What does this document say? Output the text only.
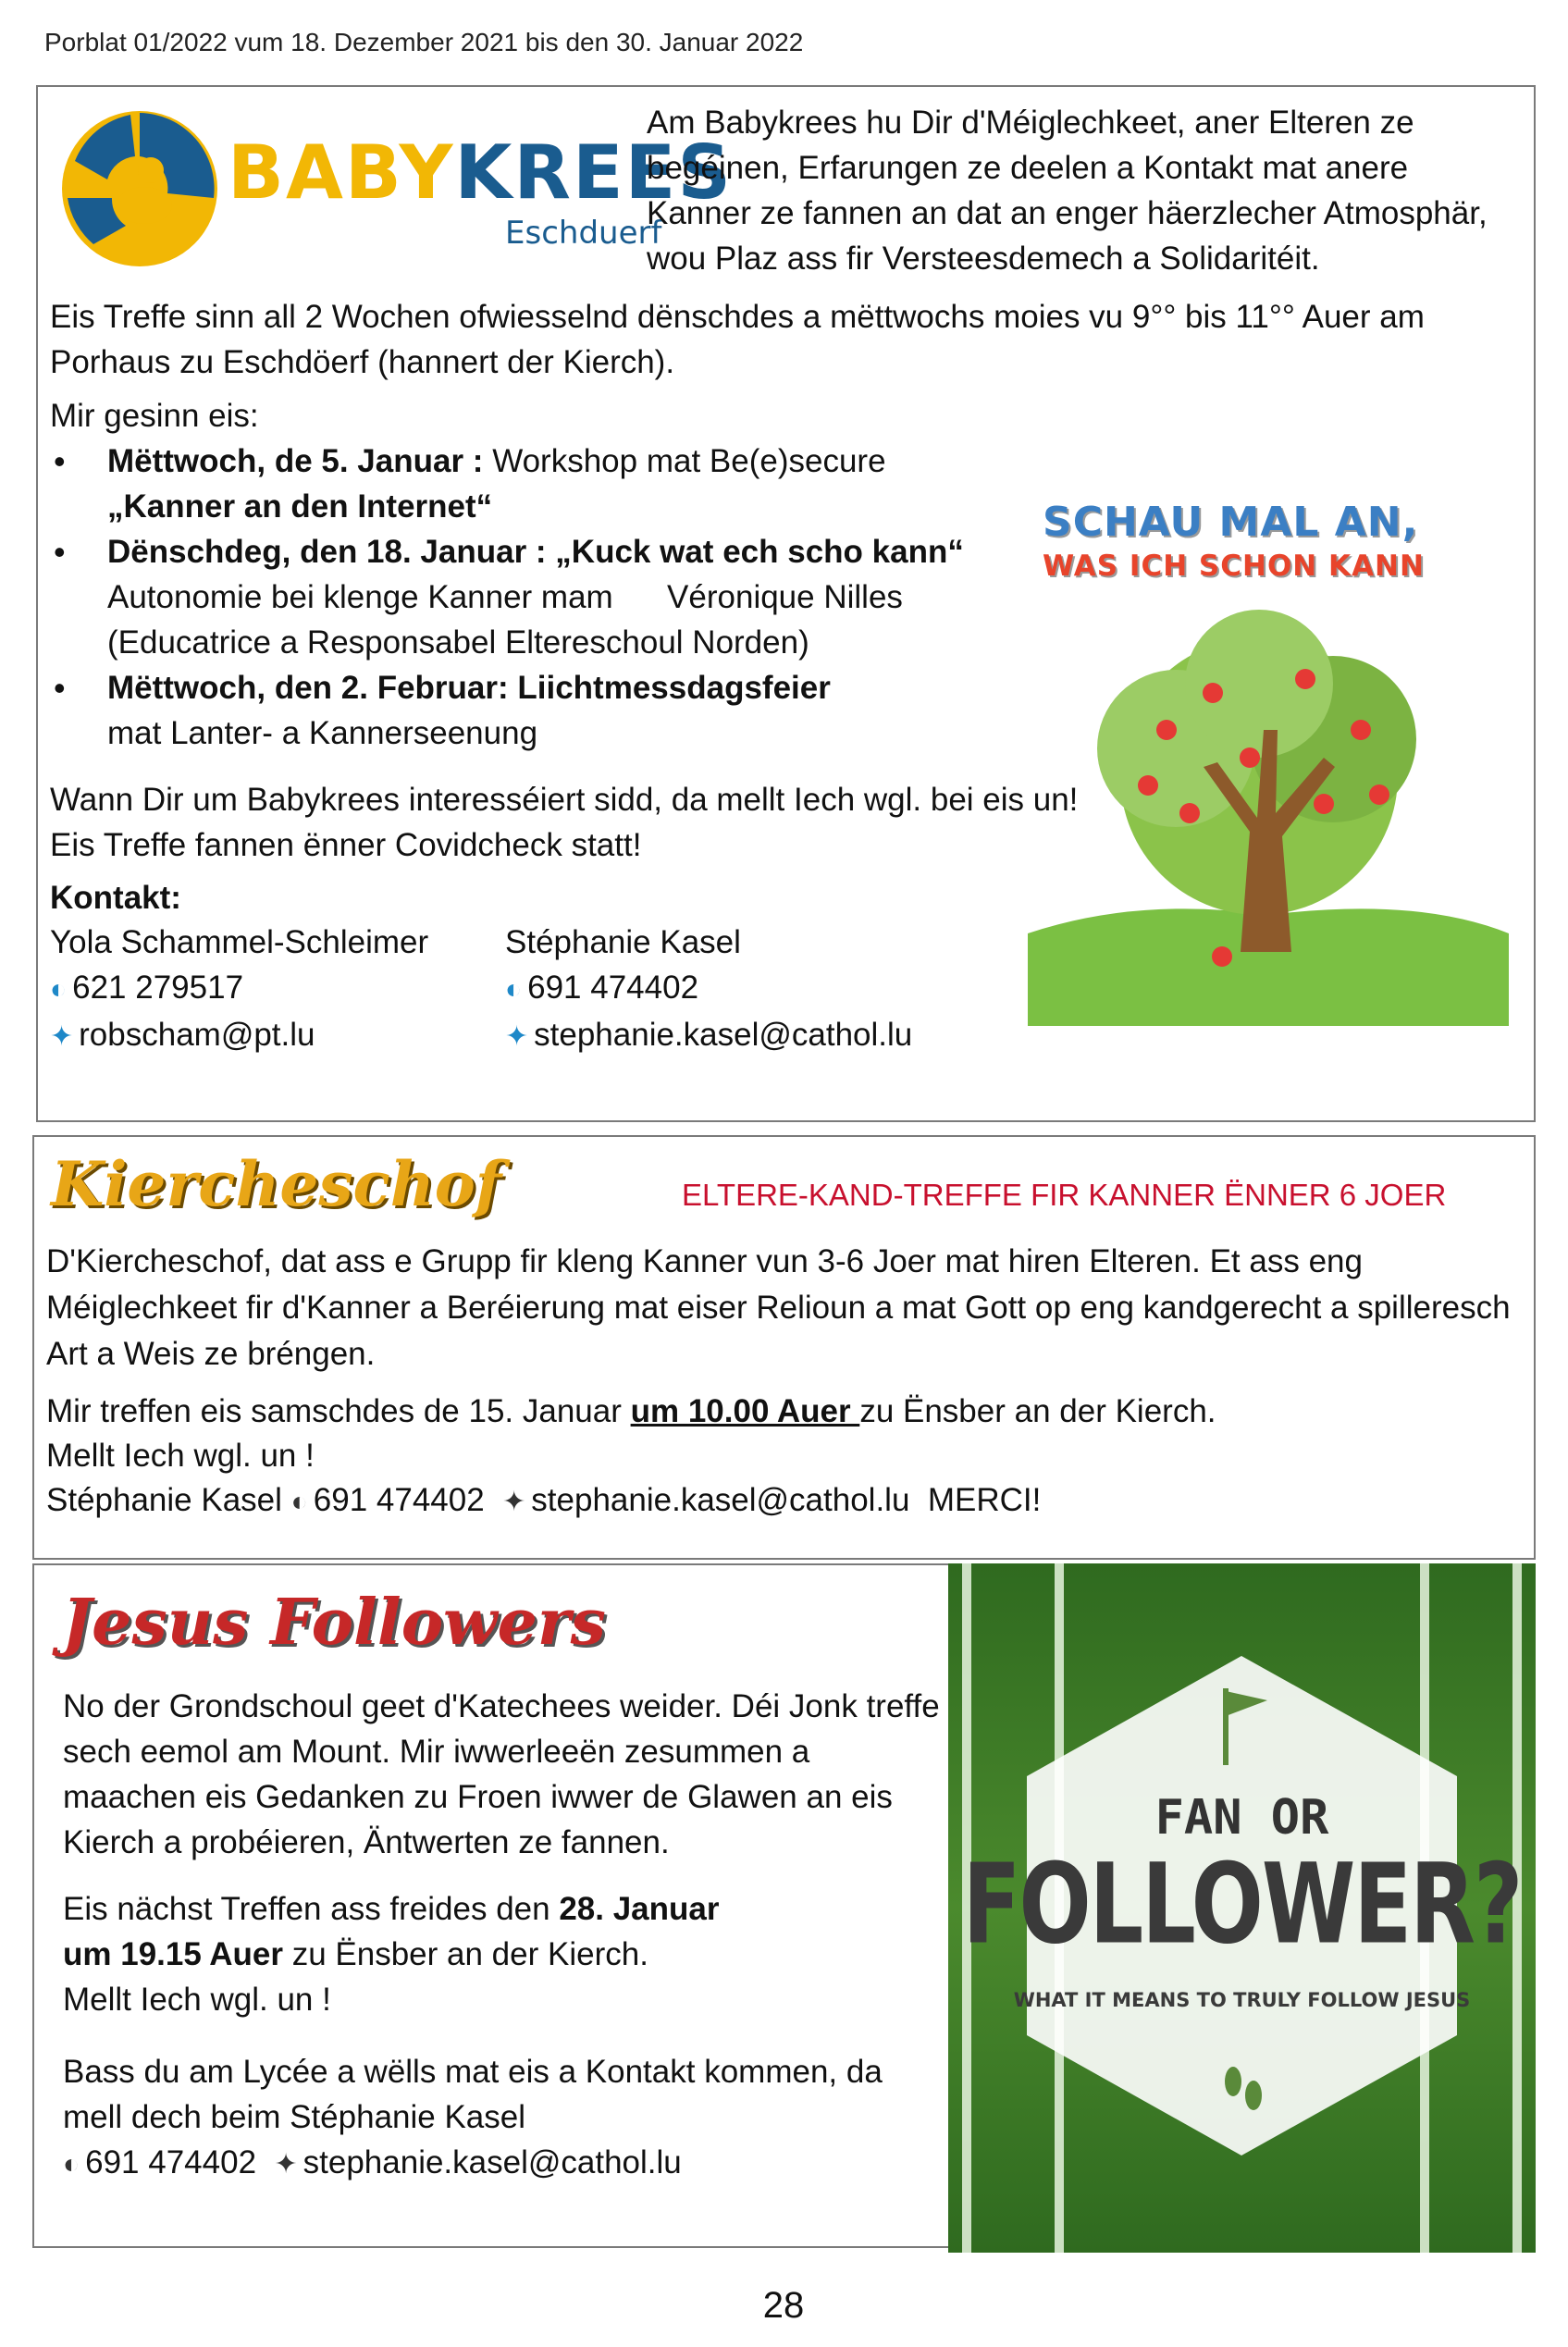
Porblat 01/2022 vum 18. Dezember 2021 bis den 30. Januar 2022
BABYKREES
Eschduerf
Am Babykrees hu Dir d'Méiglechkeet, aner Elteren ze begéinen, Erfarungen ze deelen a Kontakt mat anere Kanner ze fannen an dat an enger häerzlecher Atmosphär, wou Plaz ass fir Versteesdemech a Solidaritéit.
Eis Treffe sinn all 2 Wochen ofwiesselnd dënschdes a mëttwochs moies vu 9°° bis 11°° Auer am Porhaus zu Eschdöerf (hannert der Kierch).
Mir gesinn eis:
• Mëttwoch, de 5. Januar : Workshop mat Be(e)secure
„Kanner an den Internet“
• Dënschdeg, den 18. Januar : „Kuck wat ech scho kann“
Autonomie bei klenge Kanner mam      Véronique Nilles
(Educatrice a Responsabel Eltereschoul Norden)
• Mëttwoch, den 2. Februar: Liichtmessdagsfeier
mat Lanter- a Kannerseenung
Wann Dir um Babykrees interesséiert sidd, da mellt Iech wgl. bei eis un!
Eis Treffe fannen ënner Covidcheck statt!
Kontakt:
Yola Schammel-Schleimer
◐ 621 279517
✦ robscham@pt.lu
Stéphanie Kasel
◐ 691 474402
✦ stephanie.kasel@cathol.lu
SCHAU MAL AN,
WAS ICH SCHON KANN
Kiercheschof	ELTERE-KAND-TREFFE FIR KANNER ËNNER 6 JOER
D'Kiercheschof, dat ass e Grupp fir kleng Kanner vun 3-6 Joer mat hiren Elteren. Et ass eng Méiglechkeet fir d'Kanner a Beréierung mat eiser Relioun a mat Gott op eng kandgerecht a spilleresch Art a Weis ze bréngen.
Mir treffen eis samschdes de 15. Januar um 10.00 Auer zu Ënsber an der Kierch.
Mellt Iech wgl. un !
Stéphanie Kasel ◐ 691 474402 ✦ stephanie.kasel@cathol.lu MERCI!
Jesus Followers
No der Grondschoul geet d'Katechees weider. Déi Jonk treffe sech eemol am Mount. Mir iwwerleeën zesummen a maachen eis Gedanken zu Froen iwwer de Glawen an eis Kierch a probéieren, Äntwerten ze fannen.
Eis nächst Treffen ass freides den 28. Januar
um 19.15 Auer zu Ënsber an der Kierch.
Mellt Iech wgl. un !
Bass du am Lycée a wëlls mat eis a Kontakt kommen, da mell dech beim Stéphanie Kasel
◐ 691 474402 ✦ stephanie.kasel@cathol.lu
FAN OR
FOLLOWER?
WHAT IT MEANS TO TRULY FOLLOW JESUS
28
